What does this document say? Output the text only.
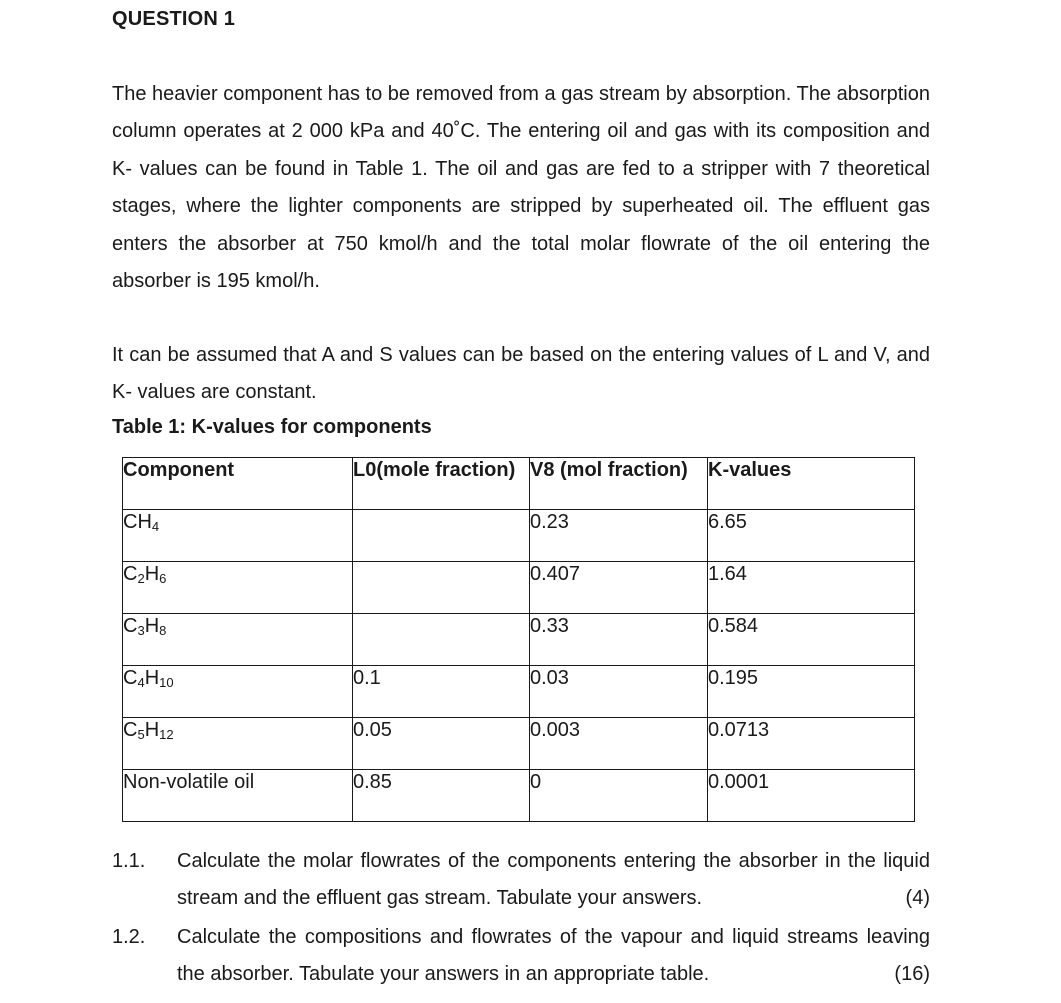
QUESTION 1
The heavier component has to be removed from a gas stream by absorption. The absorption column operates at 2 000 kPa and 40˚C. The entering oil and gas with its composition and K- values can be found in Table 1. The oil and gas are fed to a stripper with 7 theoretical stages, where the lighter components are stripped by superheated oil. The effluent gas enters the absorber at 750 kmol/h and the total molar flowrate of the oil entering the absorber is 195 kmol/h.
It can be assumed that A and S values can be based on the entering values of L and V, and K- values are constant.
Table 1: K-values for components
Component	L0(mole fraction)	V8 (mol fraction)	K-values
$CH_4$		0.23	6.65
$C_2H_6$		0.407	1.64
$C_3H_8$		0.33	0.584
$C_4H_{10}$	0.1	0.03	0.195
$C_5H_{12}$	0.05	0.003	0.0713
Non-volatile oil	0.85	0	0.0001
1.1. Calculate the molar flowrates of the components entering the absorber in the liquid stream and the effluent gas stream. Tabulate your answers.	(4)
1.2. Calculate the compositions and flowrates of the vapour and liquid streams leaving the absorber. Tabulate your answers in an appropriate table.	(16)
